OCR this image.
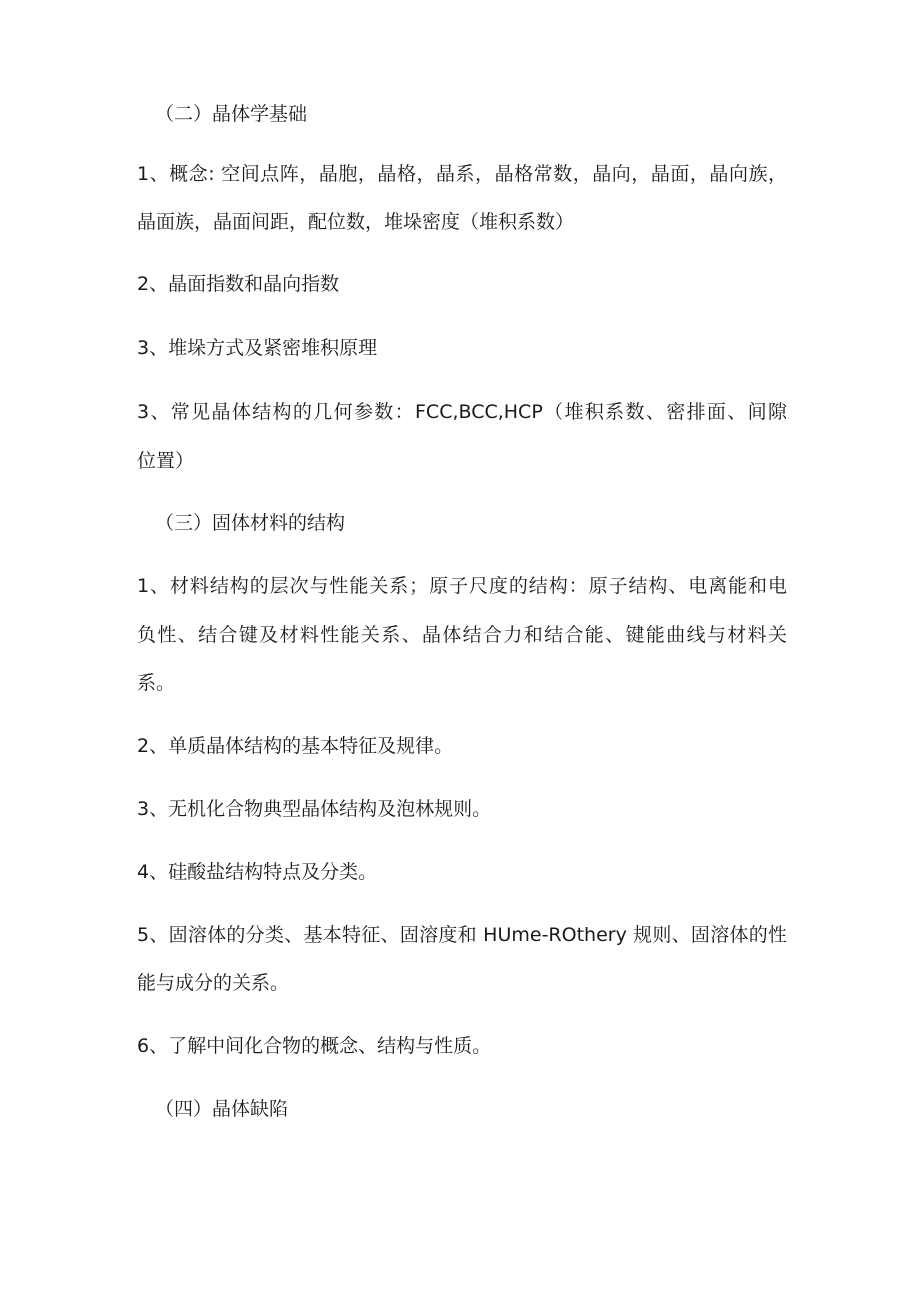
（二）晶体学基础
1、概念: 空间点阵，晶胞，晶格，晶系，晶格常数，晶向，晶面，晶向族，
晶面族，晶面间距，配位数，堆垛密度（堆积系数）
2、晶面指数和晶向指数
3、堆垛方式及紧密堆积原理
3、常见晶体结构的几何参数：FCC,BCC,HCP（堆积系数、密排面、间隙
位置）
（三）固体材料的结构
1、材料结构的层次与性能关系；原子尺度的结构：原子结构、电离能和电
负性、结合键及材料性能关系、晶体结合力和结合能、键能曲线与材料关
系。
2、单质晶体结构的基本特征及规律。
3、无机化合物典型晶体结构及泡林规则。
4、硅酸盐结构特点及分类。
5、固溶体的分类、基本特征、固溶度和 HUme-ROthery 规则、固溶体的性
能与成分的关系。
6、了解中间化合物的概念、结构与性质。
（四）晶体缺陷
